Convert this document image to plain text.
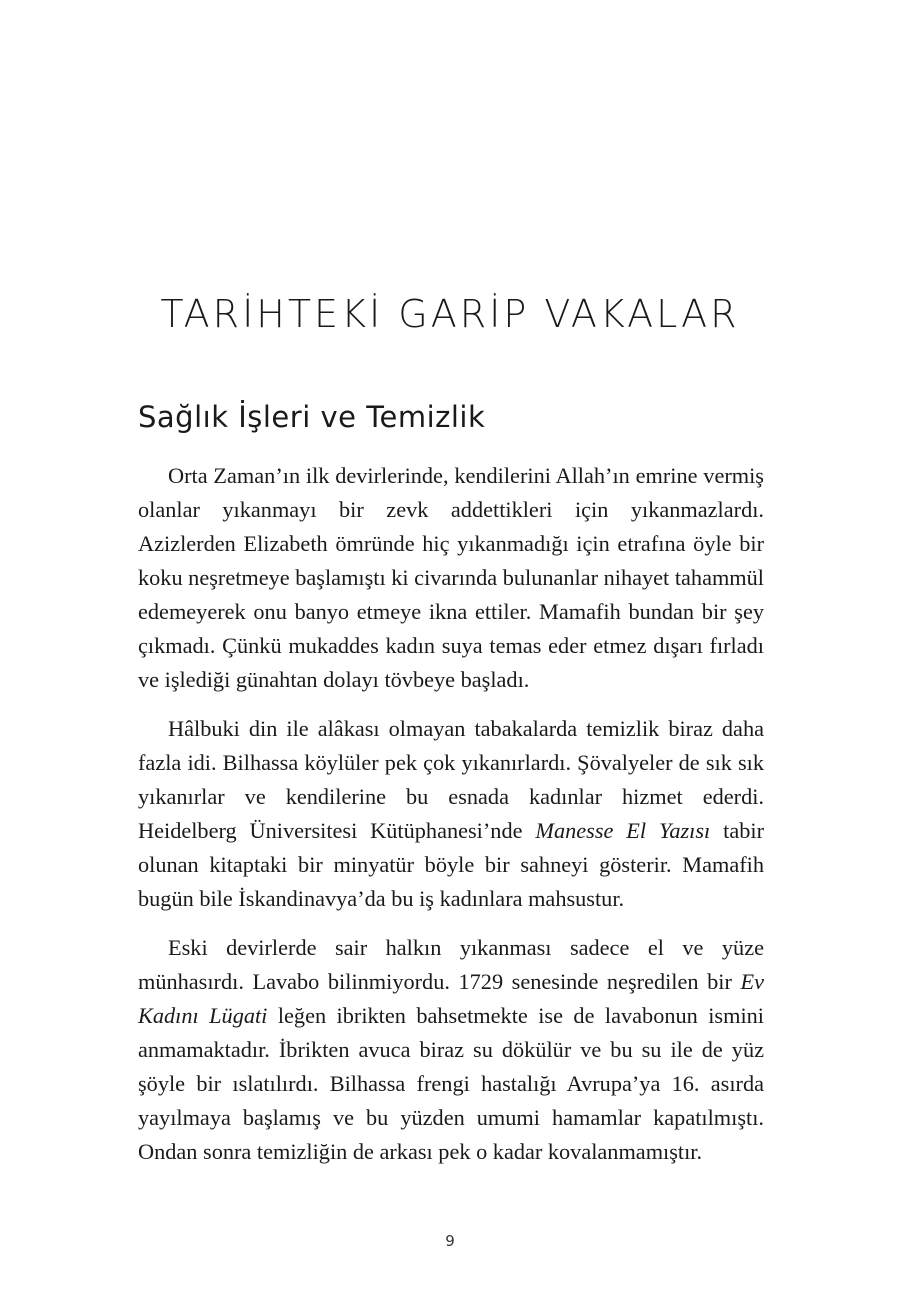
TARİHTEKİ GARİP VAKALAR
Sağlık İşleri ve Temizlik

Orta Zaman’ın ilk devirlerinde, kendilerini Allah’ın emrine vermiş olanlar yıkanmayı bir zevk addettikleri için yıkanmazlardı. Azizlerden Elizabeth ömründe hiç yıkanmadığı için etrafına öyle bir koku neşretmeye başlamıştı ki civarında bulunanlar nihayet tahammül edemeyerek onu banyo etmeye ikna ettiler. Mamafih bundan bir şey çıkmadı. Çünkü mukaddes kadın suya temas eder etmez dışarı fırladı ve işlediği günahtan dolayı tövbeye başladı.

Hâlbuki din ile alâkası olmayan tabakalarda temizlik biraz daha fazla idi. Bilhassa köylüler pek çok yıkanırlardı. Şövalyeler de sık sık yıkanırlar ve kendilerine bu esnada kadınlar hizmet ederdi. Heidelberg Üniversitesi Kütüphanesi’nde Manesse El Yazısı tabir olunan kitaptaki bir minyatür böyle bir sahneyi gösterir. Mamafih bugün bile İskandinavya’da bu iş kadınlara mahsustur.

Eski devirlerde sair halkın yıkanması sadece el ve yüze münhasırdı. Lavabo bilinmiyordu. 1729 senesinde neşredilen bir Ev Kadını Lügati leğen ibrikten bahsetmekte ise de lavabonun ismini anmamaktadır. İbrikten avuca biraz su dökülür ve bu su ile de yüz şöyle bir ıslatılırdı. Bilhassa frengi hastalığı Avrupa’ya 16. asırda yayılmaya başlamış ve bu yüzden umumi hamamlar kapatılmıştı. Ondan sonra temizliğin de arkası pek o kadar kovalanmamıştır.

9
